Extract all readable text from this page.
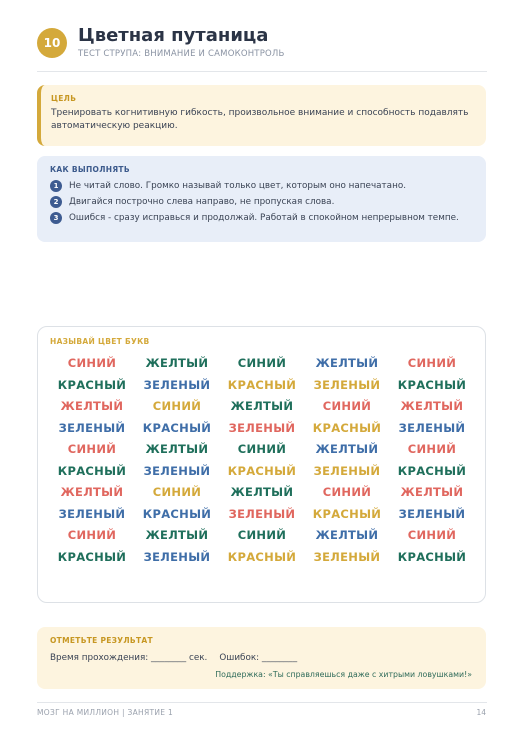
10 Цветная путаница
ТЕСТ СТРУПА: ВНИМАНИЕ И САМОКОНТРОЛЬ
ЦЕЛЬ
Тренировать когнитивную гибкость, произвольное внимание и способность подавлять автоматическую реакцию.
КАК ВЫПОЛНЯТЬ
1	Не читай слово. Громко называй только цвет, которым оно напечатано.
2	Двигайся построчно слева направо, не пропуская слова.
3	Ошибся - сразу исправься и продолжай. Работай в спокойном непрерывном темпе.
НАЗЫВАЙ ЦВЕТ БУКВ
СИНИЙ	ЖЕЛТЫЙ	СИНИЙ	ЖЕЛТЫЙ	СИНИЙ
КРАСНЫЙ	ЗЕЛЕНЫЙ	КРАСНЫЙ	ЗЕЛЕНЫЙ	КРАСНЫЙ
ЖЕЛТЫЙ	СИНИЙ	ЖЕЛТЫЙ	СИНИЙ	ЖЕЛТЫЙ
ЗЕЛЕНЫЙ	КРАСНЫЙ	ЗЕЛЕНЫЙ	КРАСНЫЙ	ЗЕЛЕНЫЙ
СИНИЙ	ЖЕЛТЫЙ	СИНИЙ	ЖЕЛТЫЙ	СИНИЙ
КРАСНЫЙ	ЗЕЛЕНЫЙ	КРАСНЫЙ	ЗЕЛЕНЫЙ	КРАСНЫЙ
ЖЕЛТЫЙ	СИНИЙ	ЖЕЛТЫЙ	СИНИЙ	ЖЕЛТЫЙ
ЗЕЛЕНЫЙ	КРАСНЫЙ	ЗЕЛЕНЫЙ	КРАСНЫЙ	ЗЕЛЕНЫЙ
СИНИЙ	ЖЕЛТЫЙ	СИНИЙ	ЖЕЛТЫЙ	СИНИЙ
КРАСНЫЙ	ЗЕЛЕНЫЙ	КРАСНЫЙ	ЗЕЛЕНЫЙ	КРАСНЫЙ
ОТМЕТЬТЕ РЕЗУЛЬТАТ
Время прохождения: ________ сек. Ошибок: ________
Поддержка: «Ты справляешься даже с хитрыми ловушками!»
МОЗГ НА МИЛЛИОН | ЗАНЯТИЕ 1	14
